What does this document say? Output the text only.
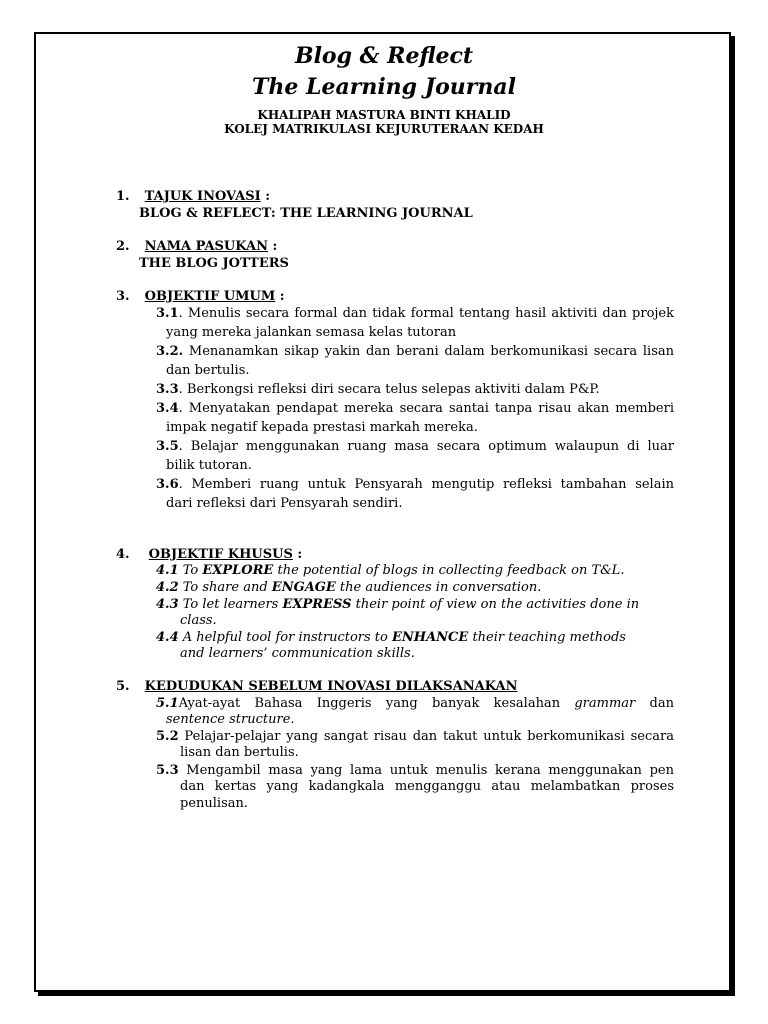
Blog & Reflect
The Learning Journal
KHALIPAH MASTURA BINTI KHALID
KOLEJ MATRIKULASI KEJURUTERAAN KEDAH
1. TAJUK INOVASI :
BLOG & REFLECT: THE LEARNING JOURNAL
2. NAMA PASUKAN :
THE BLOG JOTTERS
3. OBJEKTIF UMUM :
3.1. Menulis secara formal dan tidak formal tentang hasil aktiviti dan projek
yang mereka jalankan semasa kelas tutoran
3.2. Menanamkan sikap yakin dan berani dalam berkomunikasi secara lisan
dan bertulis.
3.3. Berkongsi refleksi diri secara telus selepas aktiviti dalam P&P.
3.4. Menyatakan pendapat mereka secara santai tanpa risau akan memberi
impak negatif kepada prestasi markah mereka.
3.5. Belajar menggunakan ruang masa secara optimum walaupun di luar
bilik tutoran.
3.6. Memberi ruang untuk Pensyarah mengutip refleksi tambahan selain
dari refleksi dari Pensyarah sendiri.
4. OBJEKTIF KHUSUS :
4.1 To EXPLORE the potential of blogs in collecting feedback on T&L.
4.2 To share and ENGAGE the audiences in conversation.
4.3 To let learners EXPRESS their point of view on the activities done in
class.
4.4 A helpful tool for instructors to ENHANCE their teaching methods
and learners’ communication skills.
5. KEDUDUKAN SEBELUM INOVASI DILAKSANAKAN
5.1Ayat-ayat Bahasa Inggeris yang banyak kesalahan grammar dan
sentence structure.
5.2 Pelajar-pelajar yang sangat risau dan takut untuk berkomunikasi secara
lisan dan bertulis.
5.3 Mengambil masa yang lama untuk menulis kerana menggunakan pen
dan kertas yang kadangkala mengganggu atau melambatkan proses
penulisan.
